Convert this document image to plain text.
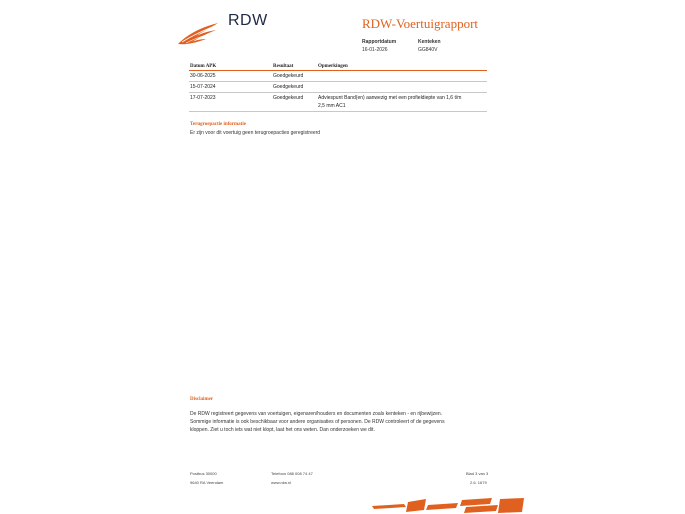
RDW	RDW-Voertuigrapport
Rapportdatum
16-01-2026
Kenteken
GG840V
Datum APK	Resultaat	Opmerkingen
30-06-2025	Goedgekeurd	
15-07-2024	Goedgekeurd	
17-07-2023	Goedgekeurd	Adviespunt Band(en) aanwezig met een profieldiepte van 1,6 t/m
2,5 mm AC1
Terugroepactie informatie
Er zijn voor dit voertuig geen terugroepacties geregistreerd
Disclaimer
De RDW registreert gegevens van voertuigen, eigenaren/houders en documenten zoals kenteken - en rijbewijzen.
Sommige informatie is ook beschikbaar voor andere organisaties of personen. De RDW controleert of de gegevens
kloppen. Ziet u toch iets wat niet klopt, laat het ons weten. Dan onderzoeken we dit.
Postbus 30000
9640 RA Veendam
Telefoon 088 008 74 47
www.rdw.nl
Blad 3 van 3
2.6. 1679
